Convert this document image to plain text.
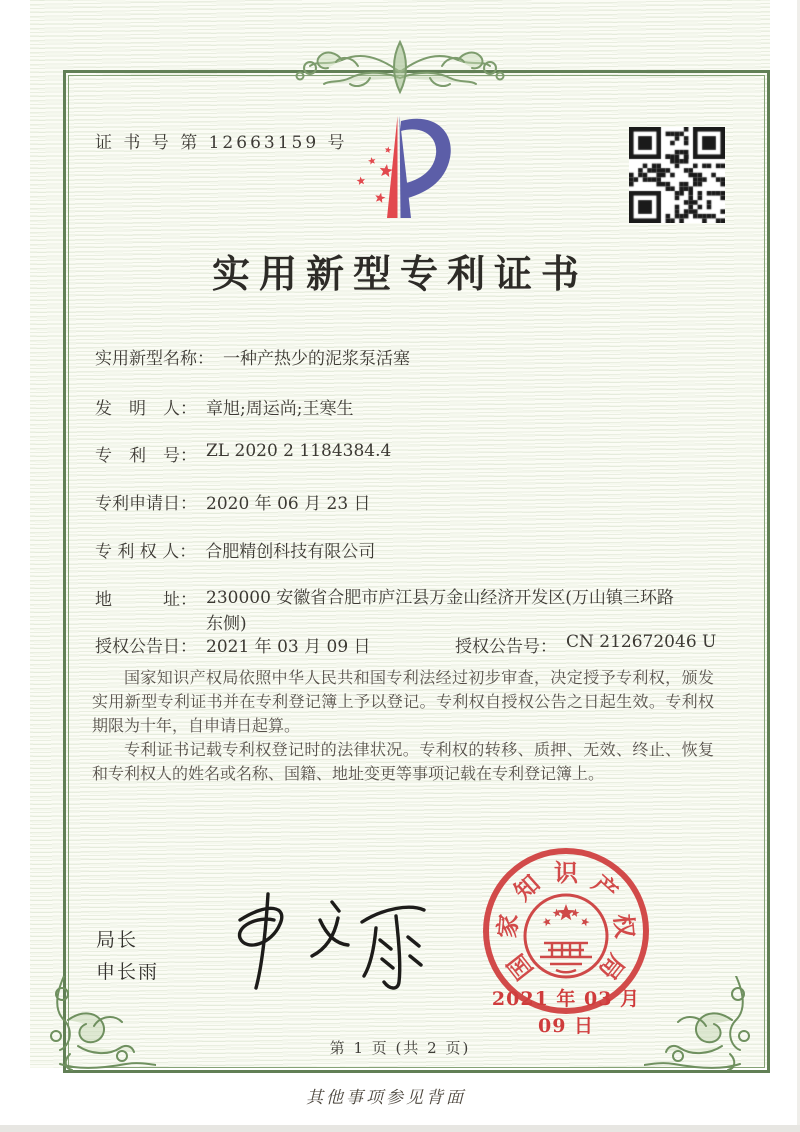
证 书 号 第 12663159 号
实用新型专利证书
实用新型名称： 一种产热少的泥浆泵活塞
发　明　人： 章旭;周运尚;王寒生
专　利　号： ZL 2020 2 1184384.4
专利申请日： 2020 年 06 月 23 日
专 利 权 人： 合肥精创科技有限公司
地　　　址： 230000 安徽省合肥市庐江县万金山经济开发区(万山镇三环路东侧)
授权公告日： 2021 年 03 月 09 日	授权公告号： CN 212672046 U

国家知识产权局依照中华人民共和国专利法经过初步审查，决定授予专利权，颁发实用新型专利证书并在专利登记簿上予以登记。专利权自授权公告之日起生效。专利权期限为十年，自申请日起算。

专利证书记载专利权登记时的法律状况。专利权的转移、质押、无效、终止、恢复和专利权人的姓名或名称、国籍、地址变更等事项记载在专利登记簿上。

局长
申长雨	国
家
知 识 产
权
局
2021 年 03 月 09 日
第 1 页 (共 2 页)
其他事项参见背面
